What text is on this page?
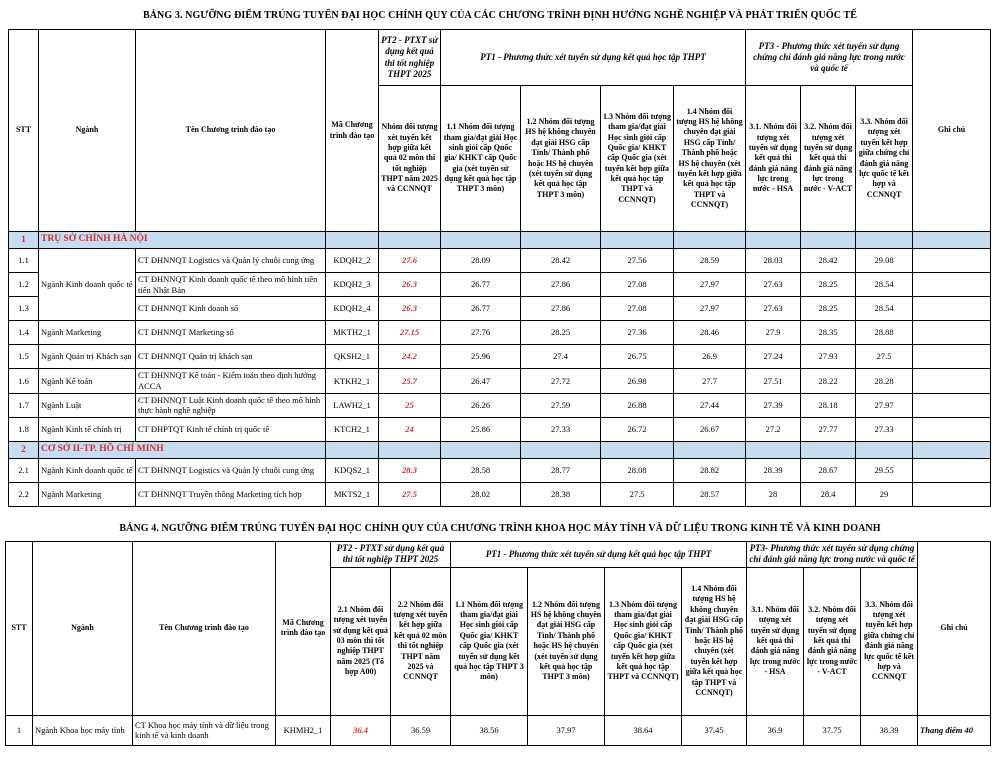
BẢNG 3. NGƯỠNG ĐIỂM TRÚNG TUYỂN ĐẠI HỌC CHÍNH QUY CỦA CÁC CHƯƠNG TRÌNH ĐỊNH HƯỚNG NGHỀ NGHIỆP VÀ PHÁT TRIỂN QUỐC TẾ
STT	Ngành	Tên Chương trình đào tạo	Mã Chương trình đào tạo	PT2 - PTXT sử dụng kết quả thi tốt nghiệp THPT 2025	PT1 - Phương thức xét tuyển sử dụng kết quả học tập THPT				PT3 - Phương thức xét tuyển sử dụng chứng chỉ đánh giá năng lực trong nước và quốc tế			Ghi chú
				Nhóm đối tượng xét tuyển kết hợp giữa kết quả 02 môn thi tốt nghiệp THPT năm 2025 và CCNNQT	1.1 Nhóm đối tượng tham gia/đạt giải Học sinh giỏi cấp Quốc gia/ KHKT cấp Quốc gia (xét tuyển sử dụng kết quả học tập THPT 3 môn)	1.2 Nhóm đối tượng HS hệ không chuyên đạt giải HSG cấp Tỉnh/ Thành phố hoặc HS hệ chuyên (xét tuyển sử dụng kết quả học tập THPT 3 môn)	1.3 Nhóm đối tượng tham gia/đạt giải Học sinh giỏi cấp Quốc gia/ KHKT cấp Quốc gia (xét tuyển kết hợp giữa kết quả học tập THPT và CCNNQT)	1.4 Nhóm đối tượng HS hệ không chuyên đạt giải HSG cấp Tỉnh/ Thành phố hoặc HS hệ chuyên (xét tuyển kết hợp giữa kết quả học tập THPT và CCNNQT)	3.1. Nhóm đối tượng xét tuyển sử dụng kết quả thi đánh giá năng lực trong nước - HSA	3.2. Nhóm đối tượng xét tuyển sử dụng kết quả thi đánh giá năng lực trong nước - V-ACT	3.3. Nhóm đối tượng xét tuyển kết hợp giữa chứng chỉ đánh giá năng lực quốc tế kết hợp và CCNNQT	
1	TRỤ SỞ CHÍNH HÀ NỘI											
1.1	Ngành Kinh doanh quốc tế	CT ĐHNNQT Logistics và Quản lý chuỗi cung ứng	KDQH2_2	27.6	28.09	28.42	27.56	28.59	28.03	28.42	29.08	
1.2		CT ĐHNNQT Kinh doanh quốc tế theo mô hình tiên tiến Nhật Bản	KDQH2_3	26.3	26.77	27.86	27.08	27.97	27.63	28.25	28.54	
1.3		CT ĐHNNQT Kinh doanh số	KDQH2_4	26.3	26.77	27.86	27.08	27.97	27.63	28.25	28.54	
1.4	Ngành Marketing	CT ĐHNNQT Marketing số	MKTH2_1	27.15	27.76	28.25	27.36	28.46	27.9	28.35	28.88	
1.5	Ngành Quản trị Khách sạn	CT ĐHNNQT Quản trị khách sạn	QKSH2_1	24.2	25.96	27.4	26.75	26.9	27.24	27.93	27.5	
1.6	Ngành Kế toán	CT ĐHNNQT Kế toán - Kiểm toán theo định hướng ACCA	KTKH2_1	25.7	26.47	27.72	26.98	27.7	27.51	28.22	28.28	
1.7	Ngành Luật	CT ĐHNNQT Luật Kinh doanh quốc tế theo mô hình thực hành nghề nghiệp	LAWH2_1	25	26.26	27.59	26.88	27.44	27.39	28.18	27.97	
1.8	Ngành Kinh tế chính trị	CT ĐHPTQT Kinh tế chính trị quốc tế	KTCH2_1	24	25.86	27.33	26.72	26.67	27.2	27.77	27.33	
2	CƠ SỞ II-TP. HỒ CHÍ MINH											
2.1	Ngành Kinh doanh quốc tế	CT ĐHNNQT Logistics và Quản lý chuỗi cung ứng	KDQS2_1	28.3	28.58	28.77	28.08	28.82	28.39	28.67	29.55	
2.2	Ngành Marketing	CT ĐHNNQT Truyền thông Marketing tích hợp	MKTS2_1	27.5	28.02	28.38	27.5	28.57	28	28.4	29	
BẢNG 4. NGƯỠNG ĐIỂM TRÚNG TUYỂN ĐẠI HỌC CHÍNH QUY CỦA CHƯƠNG TRÌNH KHOA HỌC MÁY TÍNH VÀ DỮ LIỆU TRONG KINH TẾ VÀ KINH DOANH
STT	Ngành	Tên Chương trình đào tạo	Mã Chương trình đào tạo	PT2 - PTXT sử dụng kết quả thi tốt nghiệp THPT 2025		PT1 - Phương thức xét tuyển sử dụng kết quả học tập THPT				PT3- Phương thức xét tuyển sử dụng chứng chỉ đánh giá năng lực trong nước và quốc tế			Ghi chú
				2.1 Nhóm đối tượng xét tuyển sử dụng kết quả 03 môn thi tốt nghiệp THPT năm 2025 (Tổ hợp A00)	2.2 Nhóm đối tượng xét tuyển kết hợp giữa kết quả 02 môn thi tốt nghiệp THPT năm 2025 và CCNNQT	1.1 Nhóm đối tượng tham gia/đạt giải Học sinh giỏi cấp Quốc gia/ KHKT cấp Quốc gia (xét tuyển sử dụng kết quả học tập THPT 3 môn)	1.2 Nhóm đối tượng HS hệ không chuyên đạt giải HSG cấp Tỉnh/ Thành phố hoặc HS hệ chuyên (xét tuyển sử dụng kết quả học tập THPT 3 môn)	1.3 Nhóm đối tượng tham gia/đạt giải Học sinh giỏi cấp Quốc gia/ KHKT cấp Quốc gia (xét tuyển kết hợp giữa kết quả học tập THPT và CCNNQT)	1.4 Nhóm đối tượng HS hệ không chuyên đạt giải HSG cấp Tỉnh/ Thành phố hoặc HS hệ chuyên (xét tuyển kết hợp giữa kết quả học tập THPT và CCNNQT)	3.1. Nhóm đối tượng xét tuyển sử dụng kết quả thi đánh giá năng lực trong nước - HSA	3.2. Nhóm đối tượng xét tuyển sử dụng kết quả thi đánh giá năng lực trong nước - V-ACT	3.3. Nhóm đối tượng xét tuyển kết hợp giữa chứng chỉ đánh giá năng lực quốc tế kết hợp và CCNNQT	
1	Ngành Khoa học máy tính	CT Khoa học máy tính và dữ liệu trong kinh tế và kinh doanh	KHMH2_1	36.4	36.59	38.56	37.97	38.64	37.45	36.9	37.75	38.39	Thang điểm 40
